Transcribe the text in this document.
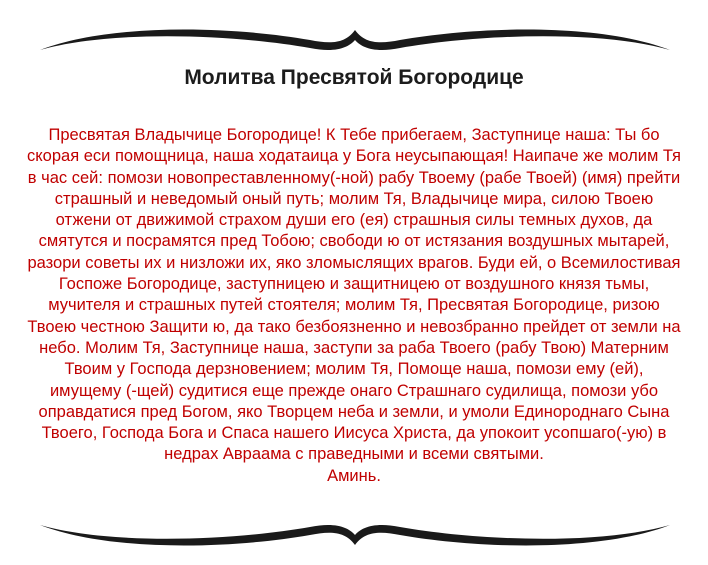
Молитва Пресвятой Богородице
Пресвятая Владычице Богородице! К Тебе прибегаем, Заступнице наша: Ты бо
скорая еси помощница, наша ходатаица у Бога неусыпающая! Наипаче же молим Тя
в час сей: помози новопреставленному(-ной) рабу Твоему (рабе Твоей) (имя) прейти
страшный и неведомый оный путь; молим Тя, Владычице мира, силою Твоею
отжени от движимой страхом души его (ея) страшныя силы темных духов, да
смятутся и посрамятся пред Тобою; свободи ю от истязания воздушных мытарей,
разори советы их и низложи их, яко зломыслящих врагов. Буди ей, о Всемилостивая
Госпоже Богородице, заступницею и защитницею от воздушного князя тьмы,
мучителя и страшных путей стоятеля; молим Тя, Пресвятая Богородице, ризою
Твоею честною Защити ю, да тако безбоязненно и невозбранно прейдет от земли на
небо. Молим Тя, Заступнице наша, заступи за раба Твоего (рабу Твою) Матерним
Твоим у Господа дерзновением; молим Тя, Помоще наша, помози ему (ей),
имущему (-щей) судитися еще прежде онаго Страшнаго судилища, помози убо
оправдатися пред Богом, яко Творцем неба и земли, и умоли Единороднаго Сына
Твоего, Господа Бога и Спаса нашего Иисуса Христа, да упокоит усопшаго(-ую) в
недрах Авраама с праведными и всеми святыми.
Аминь.
